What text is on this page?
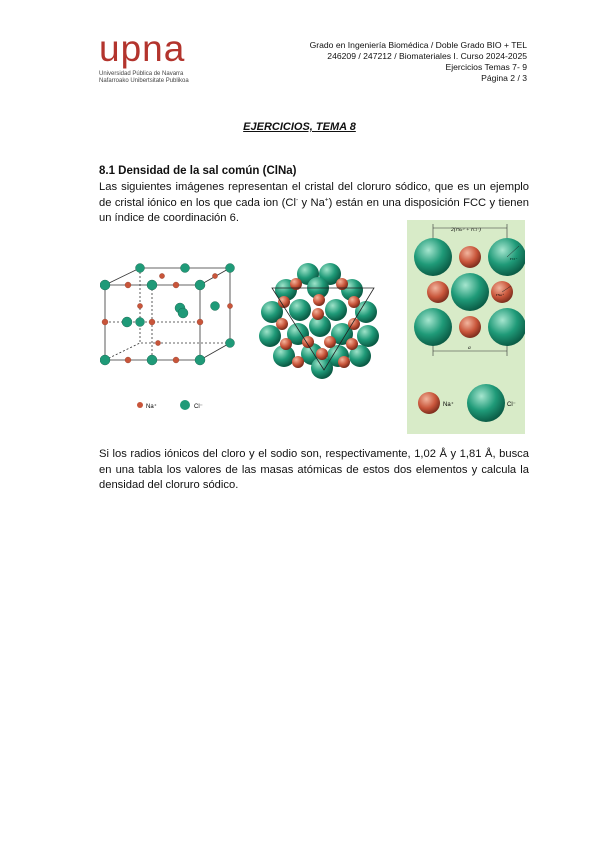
upna
Universidad Pública de Navarra
Nafarroako Unibertsitate Publikoa
Grado en Ingeniería Biomédica / Doble Grado BIO + TEL
246209 / 247212 / Biomateriales I. Curso 2024-2025
Ejercicios Temas 7- 9
Página 2 / 3
EJERCICIOS, TEMA 8
8.1 Densidad de la sal común (ClNa)
Las siguientes imágenes representan el cristal del cloruro sódico, que es un ejemplo de cristal iónico en los que cada ion (Cl- y Na+) están en una disposición FCC y tienen un índice de coordinación 6.
Na⁺	Cl⁻
2(rNa⁺ + rCl⁻)
rCl⁻
rNa⁺
a
Na⁺	Cl⁻
Si los radios iónicos del cloro y el sodio son, respectivamente, 1,02 Å y 1,81 Å, busca en una tabla los valores de las masas atómicas de estos dos elementos y calcula la densidad del cloruro sódico.
